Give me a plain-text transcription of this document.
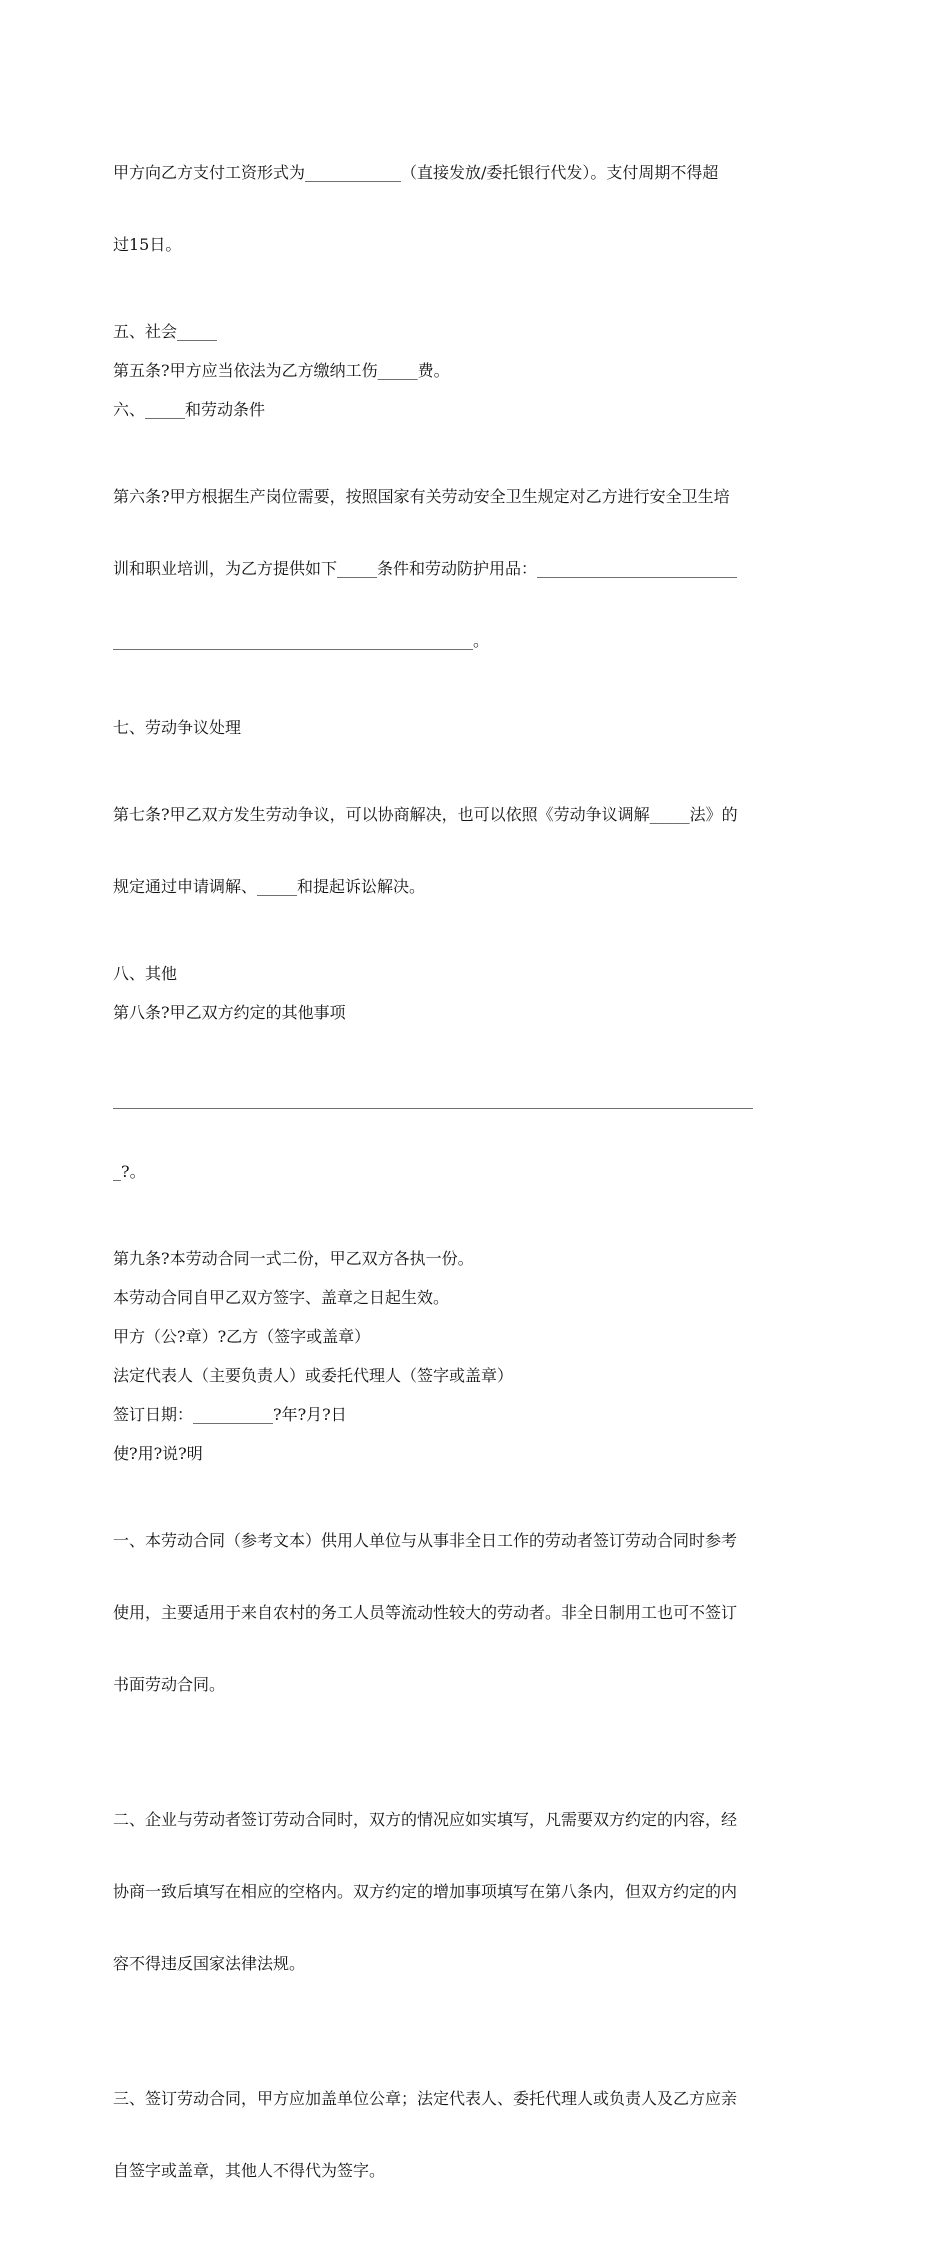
甲方向乙方支付工资形式为____________（直接发放/委托银行代发）。支付周期不得超

过15日。

五、社会_____
第五条?甲方应当依法为乙方缴纳工伤_____费。
六、_____和劳动条件

第六条?甲方根据生产岗位需要，按照国家有关劳动安全卫生规定对乙方进行安全卫生培

训和职业培训，为乙方提供如下_____条件和劳动防护用品：_________________________

_____________________________________________。

七、劳动争议处理

第七条?甲乙双方发生劳动争议，可以协商解决，也可以依照《劳动争议调解_____法》的

规定通过申请调解、_____和提起诉讼解决。

八、其他
第八条?甲乙双方约定的其他事项

________________________________________________________________________________

_?。

第九条?本劳动合同一式二份，甲乙双方各执一份。
本劳动合同自甲乙双方签字、盖章之日起生效。
甲方（公?章）?乙方（签字或盖章）
法定代表人（主要负责人）或委托代理人（签字或盖章）
签订日期：__________?年?月?日
使?用?说?明

一、本劳动合同（参考文本）供用人单位与从事非全日工作的劳动者签订劳动合同时参考

使用，主要适用于来自农村的务工人员等流动性较大的劳动者。非全日制用工也可不签订

书面劳动合同。

二、企业与劳动者签订劳动合同时，双方的情况应如实填写，凡需要双方约定的内容，经

协商一致后填写在相应的空格内。双方约定的增加事项填写在第八条内，但双方约定的内

容不得违反国家法律法规。

三、签订劳动合同，甲方应加盖单位公章；法定代表人、委托代理人或负责人及乙方应亲

自签字或盖章，其他人不得代为签字。
